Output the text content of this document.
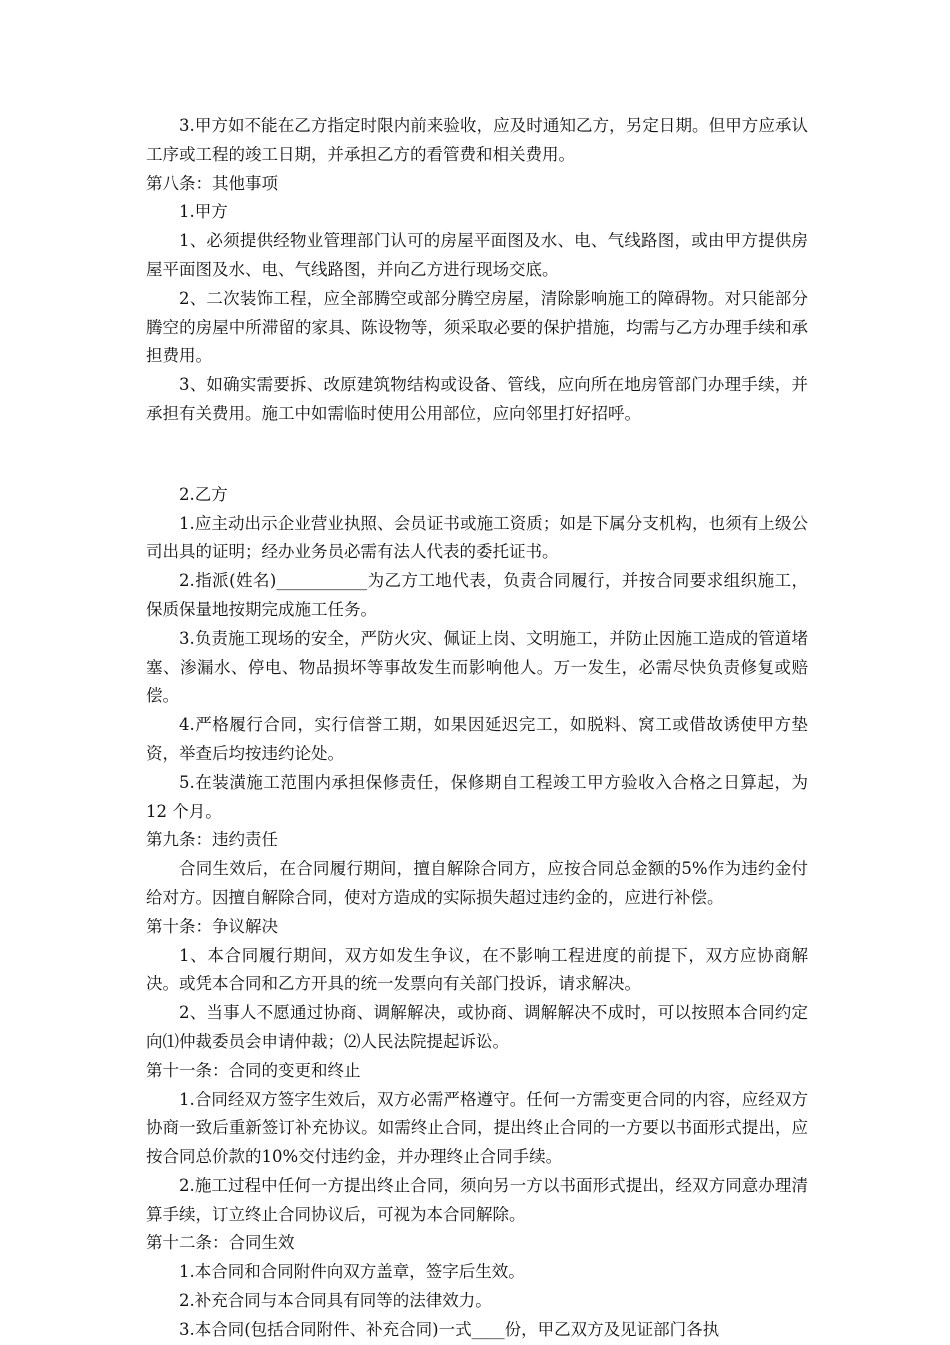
3.甲方如不能在乙方指定时限内前来验收，应及时通知乙方，另定日期。但甲方应承认工序或工程的竣工日期，并承担乙方的看管费和相关费用。

第八条：其他事项

1.甲方

1、必须提供经物业管理部门认可的房屋平面图及水、电、气线路图，或由甲方提供房屋平面图及水、电、气线路图，并向乙方进行现场交底。

2、二次装饰工程，应全部腾空或部分腾空房屋，清除影响施工的障碍物。对只能部分腾空的房屋中所滞留的家具、陈设物等，须采取必要的保护措施，均需与乙方办理手续和承担费用。

3、如确实需要拆、改原建筑物结构或设备、管线，应向所在地房管部门办理手续，并承担有关费用。施工中如需临时使用公用部位，应向邻里打好招呼。

2.乙方

1.应主动出示企业营业执照、会员证书或施工资质；如是下属分支机构，也须有上级公司出具的证明；经办业务员必需有法人代表的委托证书。

2.指派(姓名)___________为乙方工地代表，负责合同履行，并按合同要求组织施工，保质保量地按期完成施工任务。

3.负责施工现场的安全，严防火灾、佩证上岗、文明施工，并防止因施工造成的管道堵塞、渗漏水、停电、物品损坏等事故发生而影响他人。万一发生，必需尽快负责修复或赔偿。

4.严格履行合同，实行信誉工期，如果因延迟完工，如脱料、窝工或借故诱使甲方垫资，举查后均按违约论处。

5.在装潢施工范围内承担保修责任，保修期自工程竣工甲方验收入合格之日算起，为 12 个月。

第九条：违约责任

合同生效后，在合同履行期间，擅自解除合同方，应按合同总金额的5%作为违约金付给对方。因擅自解除合同，使对方造成的实际损失超过违约金的，应进行补偿。

第十条：争议解决

1、本合同履行期间，双方如发生争议，在不影响工程进度的前提下，双方应协商解决。或凭本合同和乙方开具的统一发票向有关部门投诉，请求解决。

2、当事人不愿通过协商、调解解决，或协商、调解解决不成时，可以按照本合同约定向⑴仲裁委员会申请仲裁；⑵人民法院提起诉讼。

第十一条：合同的变更和终止

1.合同经双方签字生效后，双方必需严格遵守。任何一方需变更合同的内容，应经双方协商一致后重新签订补充协议。如需终止合同，提出终止合同的一方要以书面形式提出，应按合同总价款的10%交付违约金，并办理终止合同手续。

2.施工过程中任何一方提出终止合同，须向另一方以书面形式提出，经双方同意办理清算手续，订立终止合同协议后，可视为本合同解除。

第十二条：合同生效

1.本合同和合同附件向双方盖章，签字后生效。

2.补充合同与本合同具有同等的法律效力。

3.本合同(包括合同附件、补充合同)一式____份，甲乙双方及见证部门各执
